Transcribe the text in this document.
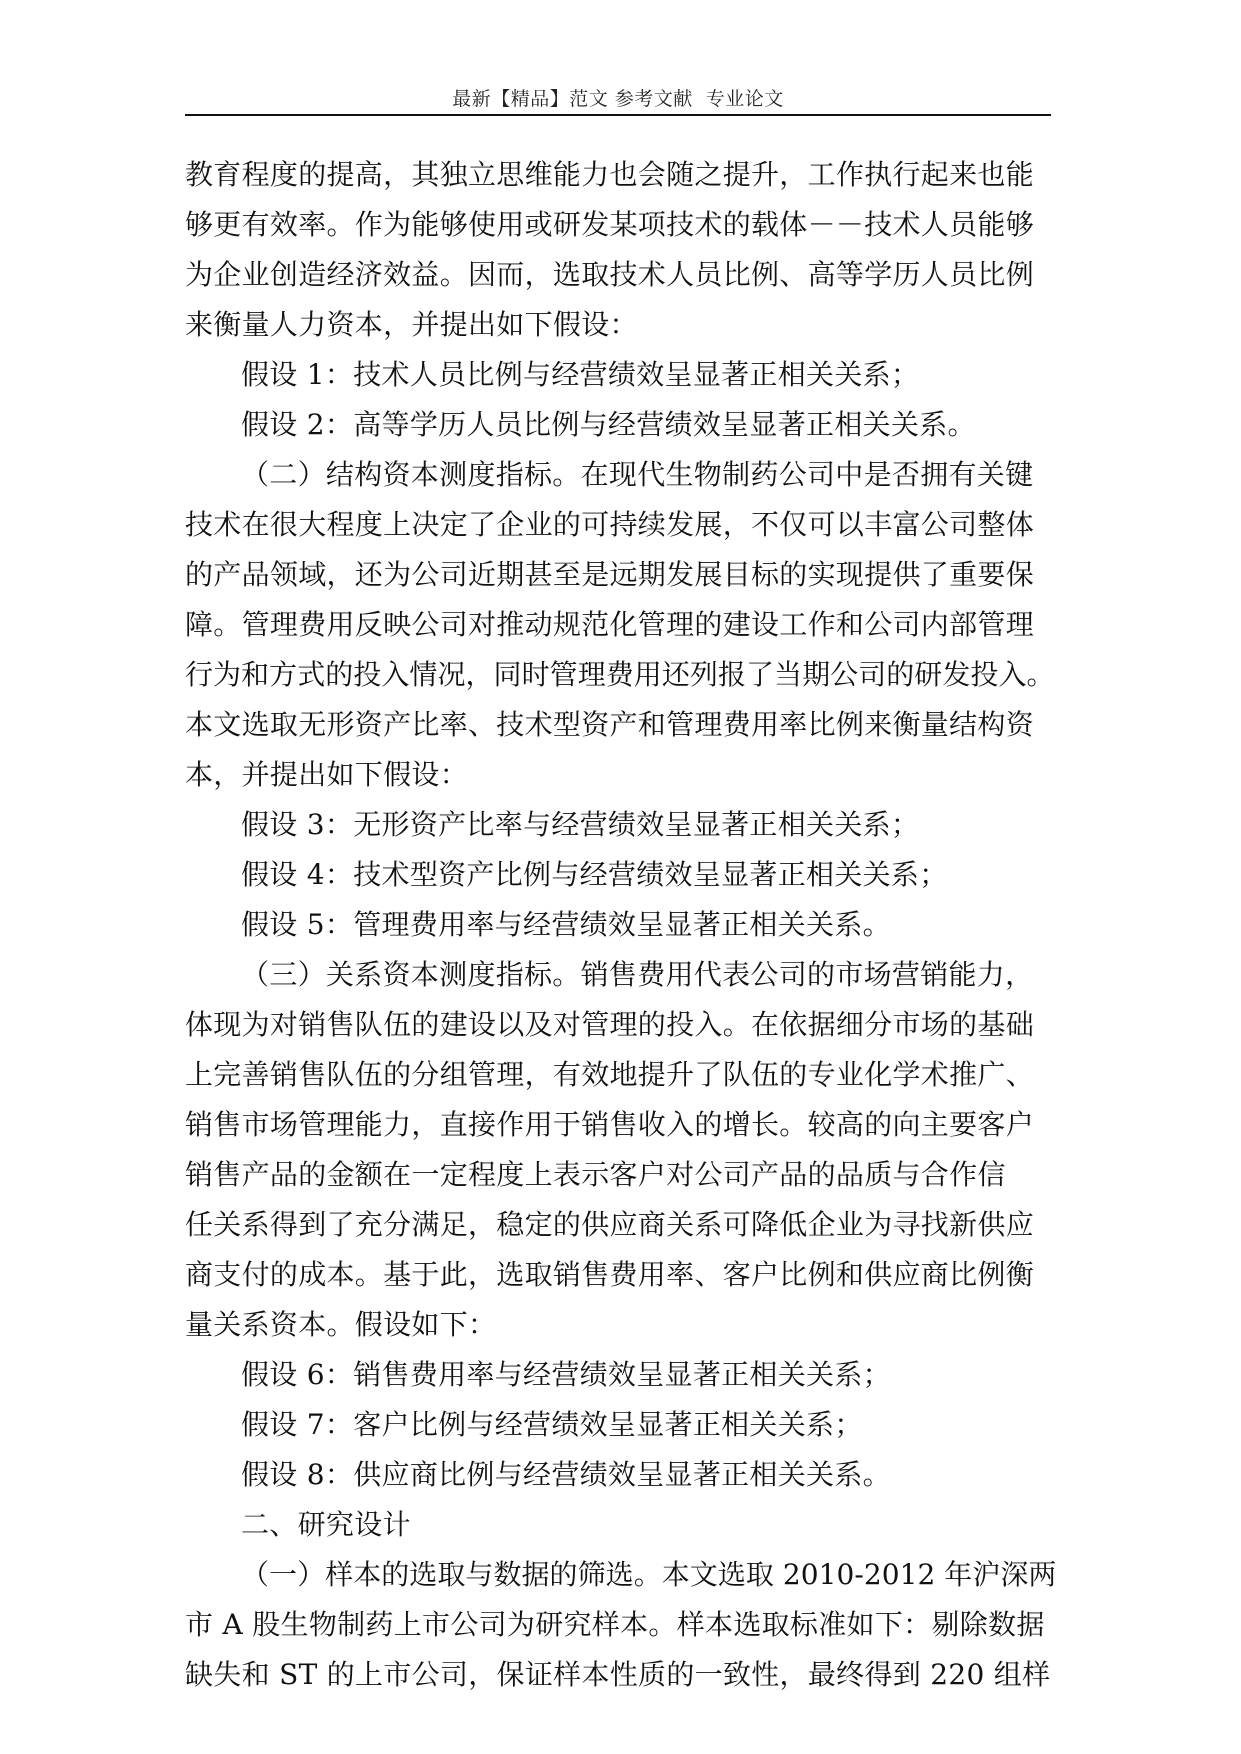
最新【精品】范文 参考文献  专业论文
教育程度的提高，其独立思维能力也会随之提升，工作执行起来也能
够更有效率。作为能够使用或研发某项技术的载体－－技术人员能够
为企业创造经济效益。因而，选取技术人员比例、高等学历人员比例
来衡量人力资本，并提出如下假设：
假设 1：技术人员比例与经营绩效呈显著正相关关系；
假设 2：高等学历人员比例与经营绩效呈显著正相关关系。
（二）结构资本测度指标。在现代生物制药公司中是否拥有关键
技术在很大程度上决定了企业的可持续发展，不仅可以丰富公司整体
的产品领域，还为公司近期甚至是远期发展目标的实现提供了重要保
障。管理费用反映公司对推动规范化管理的建设工作和公司内部管理
行为和方式的投入情况，同时管理费用还列报了当期公司的研发投入。
本文选取无形资产比率、技术型资产和管理费用率比例来衡量结构资
本，并提出如下假设：
假设 3：无形资产比率与经营绩效呈显著正相关关系；
假设 4：技术型资产比例与经营绩效呈显著正相关关系；
假设 5：管理费用率与经营绩效呈显著正相关关系。
（三）关系资本测度指标。销售费用代表公司的市场营销能力，
体现为对销售队伍的建设以及对管理的投入。在依据细分市场的基础
上完善销售队伍的分组管理，有效地提升了队伍的专业化学术推广、
销售市场管理能力，直接作用于销售收入的增长。较高的向主要客户
销售产品的金额在一定程度上表示客户对公司产品的品质与合作信
任关系得到了充分满足，稳定的供应商关系可降低企业为寻找新供应
商支付的成本。基于此，选取销售费用率、客户比例和供应商比例衡
量关系资本。假设如下：
假设 6：销售费用率与经营绩效呈显著正相关关系；
假设 7：客户比例与经营绩效呈显著正相关关系；
假设 8：供应商比例与经营绩效呈显著正相关关系。
二、研究设计
（一）样本的选取与数据的筛选。本文选取 2010-2012 年沪深两
市 A 股生物制药上市公司为研究样本。样本选取标准如下：剔除数据
缺失和 ST 的上市公司，保证样本性质的一致性，最终得到 220 组样
